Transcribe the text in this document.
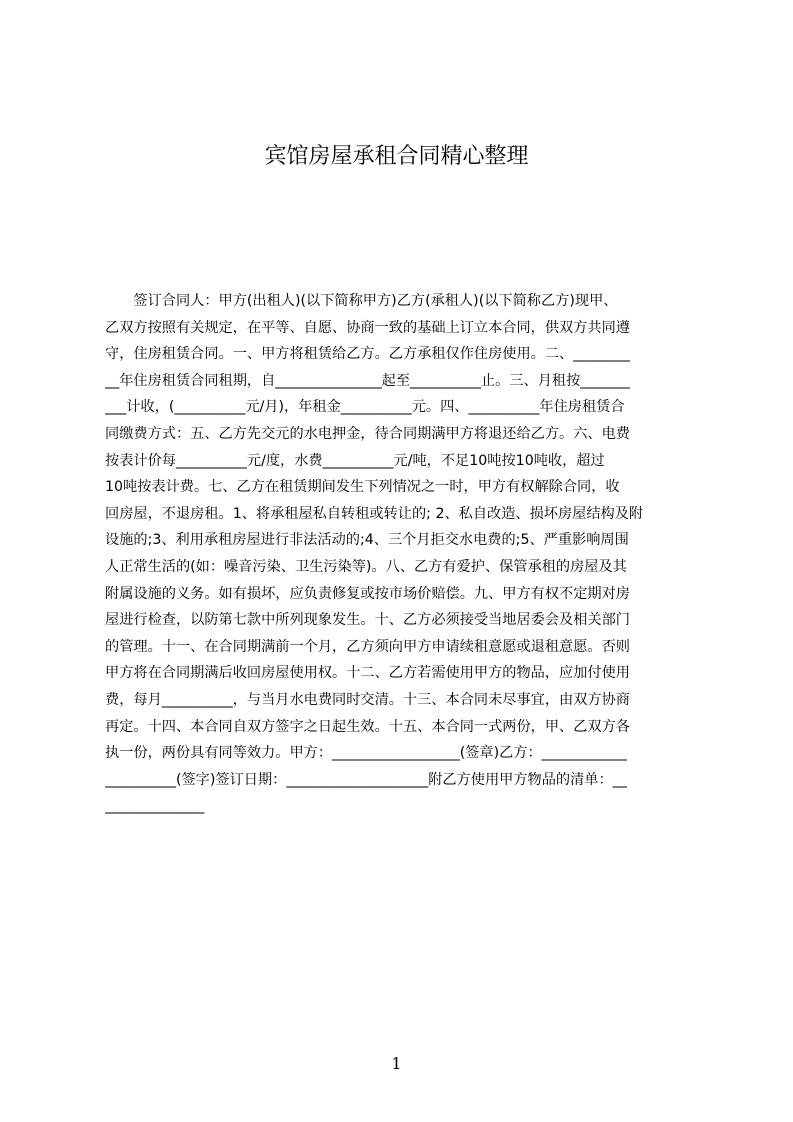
宾馆房屋承租合同精心整理
　　签订合同人：甲方(出租人)(以下简称甲方)乙方(承租人)(以下简称乙方)现甲、
乙双方按照有关规定，在平等、自愿、协商一致的基础上订立本合同，供双方共同遵
守，住房租赁合同。一、甲方将租赁给乙方。乙方承租仅作住房使用。二、________
__年住房租赁合同租期，自_______________起至__________止。三、月租按_______
___计收，(__________元/月)，年租金__________元。四、__________年住房租赁合
同缴费方式：五、乙方先交元的水电押金，待合同期满甲方将退还给乙方。六、电费
按表计价每__________元/度，水费__________元/吨，不足10吨按10吨收，超过
10吨按表计费。七、乙方在租赁期间发生下列情况之一时，甲方有权解除合同，收
回房屋，不退房租。1、将承租屋私自转租或转让的; 2、私自改造、损坏房屋结构及附
设施的;3、利用承租房屋进行非法活动的;4、三个月拒交水电费的;5、严重影响周围
人正常生活的(如：噪音污染、卫生污染等)。八、乙方有爱护、保管承租的房屋及其
附属设施的义务。如有损坏，应负责修复或按市场价赔偿。九、甲方有权不定期对房
屋进行检查，以防第七款中所列现象发生。十、乙方必须接受当地居委会及相关部门
的管理。十一、在合同期满前一个月，乙方须向甲方申请续租意愿或退租意愿。否则
甲方将在合同期满后收回房屋使用权。十二、乙方若需使用甲方的物品，应加付使用
费，每月__________，与当月水电费同时交清。十三、本合同未尽事宜，由双方协商
再定。十四、本合同自双方签字之日起生效。十五、本合同一式两份，甲、乙双方各
执一份，两份具有同等效力。甲方：__________________(签章)乙方：____________
__________(签字)签订日期：____________________附乙方使用甲方物品的清单：__
______________
1
